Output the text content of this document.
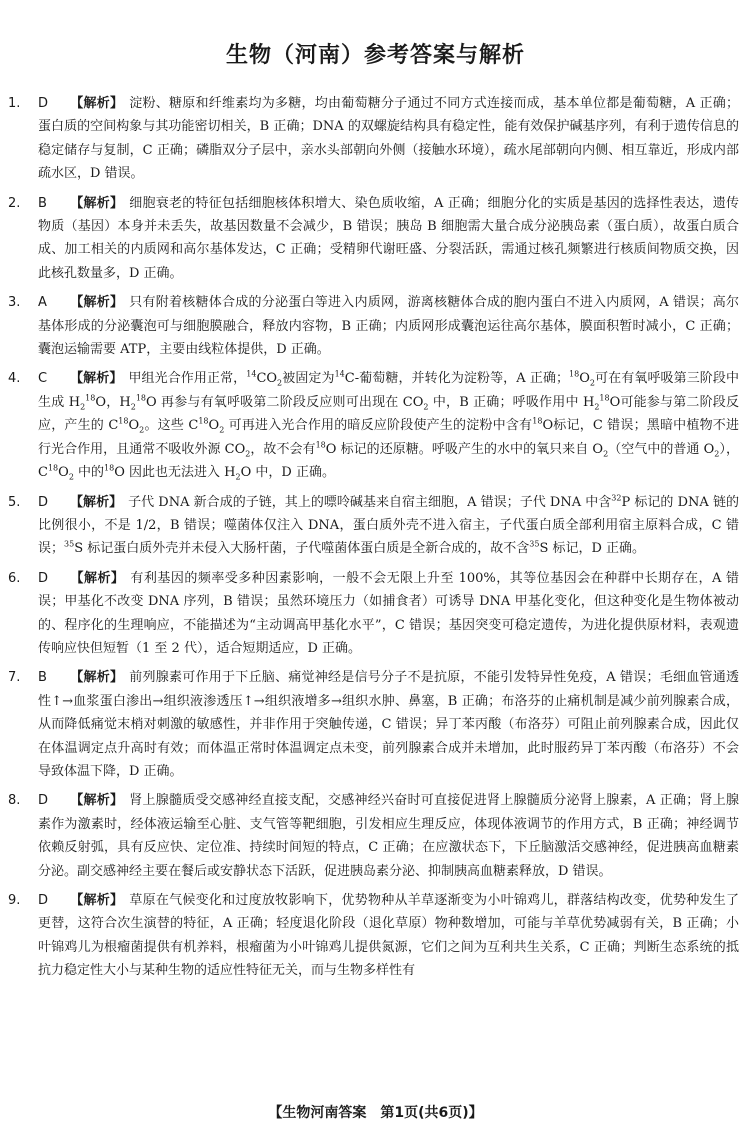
生物（河南）参考答案与解析
1. D 【解析】 淀粉、糖原和纤维素均为多糖，均由葡萄糖分子通过不同方式连接而成，基本单位都是葡萄糖，A 正确；蛋白质的空间构象与其功能密切相关，B 正确；DNA 的双螺旋结构具有稳定性，能有效保护碱基序列，有利于遗传信息的稳定储存与复制，C 正确；磷脂双分子层中，亲水头部朝向外侧（接触水环境），疏水尾部朝向内侧、相互靠近，形成内部疏水区，D 错误。
2. B 【解析】 细胞衰老的特征包括细胞核体积增大、染色质收缩，A 正确；细胞分化的实质是基因的选择性表达，遗传物质（基因）本身并未丢失，故基因数量不会减少，B 错误；胰岛 B 细胞需大量合成分泌胰岛素（蛋白质），故蛋白质合成、加工相关的内质网和高尔基体发达，C 正确；受精卵代谢旺盛、分裂活跃，需通过核孔频繁进行核质间物质交换，因此核孔数量多，D 正确。
3. A 【解析】 只有附着核糖体合成的分泌蛋白等进入内质网，游离核糖体合成的胞内蛋白不进入内质网，A 错误；高尔基体形成的分泌囊泡可与细胞膜融合，释放内容物，B 正确；内质网形成囊泡运往高尔基体，膜面积暂时减小，C 正确；囊泡运输需要 ATP，主要由线粒体提供，D 正确。
4. C 【解析】 甲组光合作用正常，$^{14}CO_2$被固定为$^{14}$C-葡萄糖，并转化为淀粉等，A 正确；$^{18}O_2$可在有氧呼吸第三阶段中生成 $H_2^{18}O$，$H_2^{18}O$ 再参与有氧呼吸第二阶段反应则可出现在 $CO_2$ 中，B 正确；呼吸作用中 $H_2^{18}O$可能参与第二阶段反应，产生的 $C^{18}O_2$。这些 $C^{18}O_2$ 可再进入光合作用的暗反应阶段使产生的淀粉中含有$^{18}$O标记，C 错误；黑暗中植物不进行光合作用，且通常不吸收外源 $CO_2$，故不会有$^{18}$O 标记的还原糖。呼吸产生的水中的氧只来自 $O_2$（空气中的普通 $O_2$），$C^{18}O_2$ 中的$^{18}$O 因此也无法进入 $H_2O$ 中，D 正确。
5. D 【解析】 子代 DNA 新合成的子链，其上的嘌呤碱基来自宿主细胞，A 错误；子代 DNA 中含$^{32}$P 标记的 DNA 链的比例很小，不是 1/2，B 错误；噬菌体仅注入 DNA，蛋白质外壳不进入宿主，子代蛋白质全部利用宿主原料合成，C 错误；$^{35}$S 标记蛋白质外壳并未侵入大肠杆菌，子代噬菌体蛋白质是全新合成的，故不含$^{35}$S 标记，D 正确。
6. D 【解析】 有利基因的频率受多种因素影响，一般不会无限上升至 100%，其等位基因会在种群中长期存在，A 错误；甲基化不改变 DNA 序列，B 错误；虽然环境压力（如捕食者）可诱导 DNA 甲基化变化，但这种变化是生物体被动的、程序化的生理响应，不能描述为“主动调高甲基化水平”，C 错误；基因突变可稳定遗传，为进化提供原材料，表观遗传响应快但短暂（1 至 2 代），适合短期适应，D 正确。
7. B 【解析】 前列腺素可作用于下丘脑、痛觉神经是信号分子不是抗原，不能引发特异性免疫，A 错误；毛细血管通透性↑→血浆蛋白渗出→组织液渗透压↑→组织液增多→组织水肿、鼻塞，B 正确；布洛芬的止痛机制是减少前列腺素合成，从而降低痛觉末梢对刺激的敏感性，并非作用于突触传递，C 错误；异丁苯丙酸（布洛芬）可阻止前列腺素合成，因此仅在体温调定点升高时有效；而体温正常时体温调定点未变，前列腺素合成并未增加，此时服药异丁苯丙酸（布洛芬）不会导致体温下降，D 正确。
8. D 【解析】 肾上腺髓质受交感神经直接支配，交感神经兴奋时可直接促进肾上腺髓质分泌肾上腺素，A 正确；肾上腺素作为激素时，经体液运输至心脏、支气管等靶细胞，引发相应生理反应，体现体液调节的作用方式，B 正确；神经调节依赖反射弧，具有反应快、定位准、持续时间短的特点，C 正确；在应激状态下，下丘脑激活交感神经，促进胰高血糖素分泌。副交感神经主要在餐后或安静状态下活跃，促进胰岛素分泌、抑制胰高血糖素释放，D 错误。
9. D 【解析】 草原在气候变化和过度放牧影响下，优势物种从羊草逐渐变为小叶锦鸡儿，群落结构改变，优势种发生了更替，这符合次生演替的特征，A 正确；轻度退化阶段（退化草原）物种数增加，可能与羊草优势减弱有关，B 正确；小叶锦鸡儿为根瘤菌提供有机养料，根瘤菌为小叶锦鸡儿提供氮源，它们之间为互利共生关系，C 正确；判断生态系统的抵抗力稳定性大小与某种生物的适应性特征无关，而与生物多样性有
【生物河南答案　第1页(共6页)】
